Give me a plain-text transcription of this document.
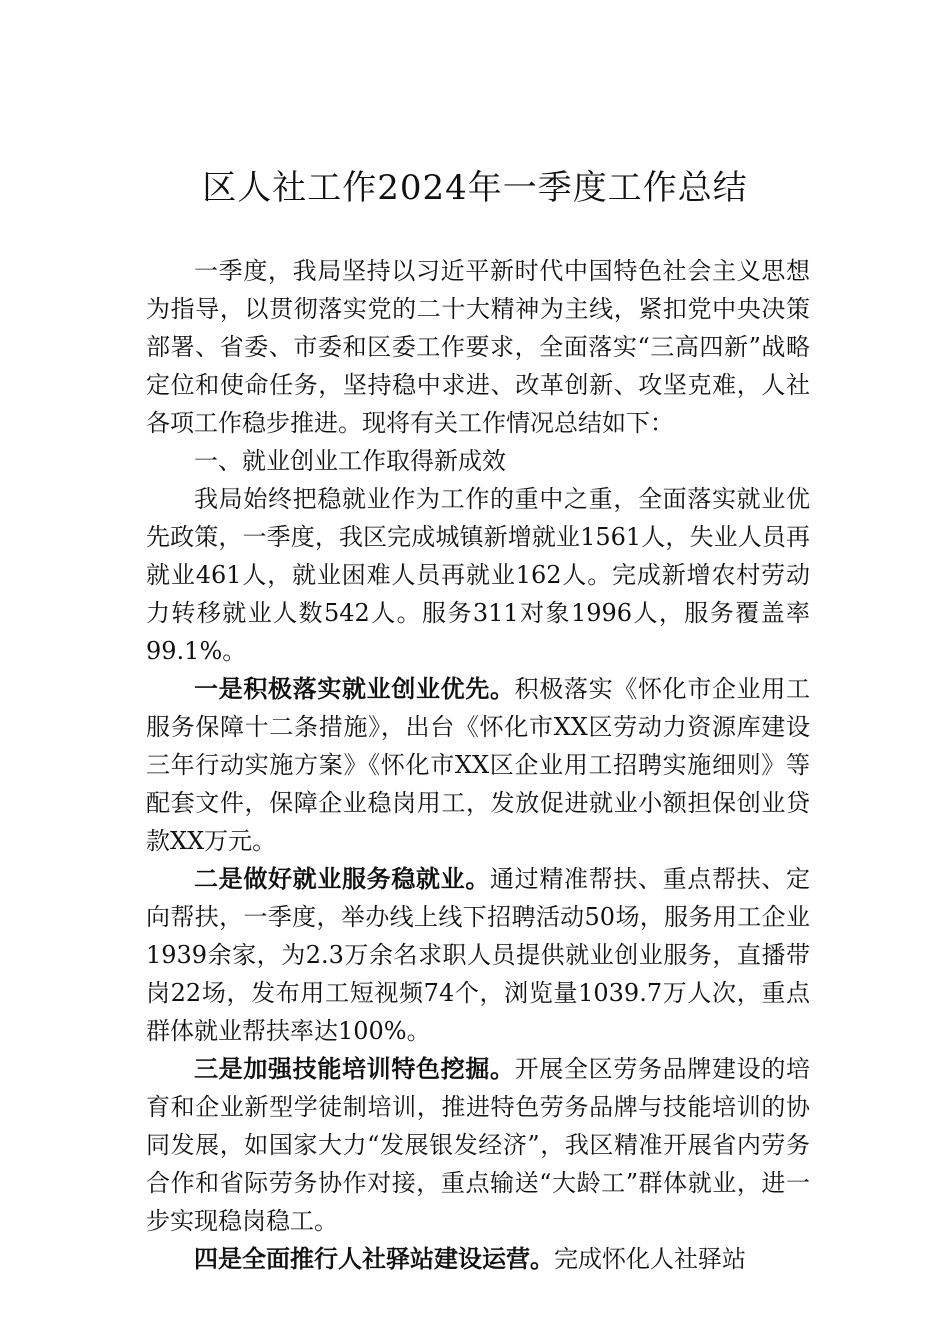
区人社工作2024年一季度工作总结

一季度，我局坚持以习近平新时代中国特色社会主义思想为指导，以贯彻落实党的二十大精神为主线，紧扣党中央决策部署、省委、市委和区委工作要求，全面落实“三高四新”战略定位和使命任务，坚持稳中求进、改革创新、攻坚克难，人社各项工作稳步推进。现将有关工作情况总结如下：

一、就业创业工作取得新成效

我局始终把稳就业作为工作的重中之重，全面落实就业优先政策，一季度，我区完成城镇新增就业1561人，失业人员再就业461人，就业困难人员再就业162人。完成新增农村劳动力转移就业人数542人。服务311对象1996人，服务覆盖率99.1%。

一是积极落实就业创业优先。积极落实《怀化市企业用工服务保障十二条措施》，出台《怀化市XX区劳动力资源库建设三年行动实施方案》《怀化市XX区企业用工招聘实施细则》等配套文件，保障企业稳岗用工，发放促进就业小额担保创业贷款XX万元。

二是做好就业服务稳就业。通过精准帮扶、重点帮扶、定向帮扶，一季度，举办线上线下招聘活动50场，服务用工企业1939余家，为2.3万余名求职人员提供就业创业服务，直播带岗22场，发布用工短视频74个，浏览量1039.7万人次，重点群体就业帮扶率达100%。

三是加强技能培训特色挖掘。开展全区劳务品牌建设的培育和企业新型学徒制培训，推进特色劳务品牌与技能培训的协同发展，如国家大力“发展银发经济”，我区精准开展省内劳务合作和省际劳务协作对接，重点输送“大龄工”群体就业，进一步实现稳岗稳工。

四是全面推行人社驿站建设运营。完成怀化人社驿站
